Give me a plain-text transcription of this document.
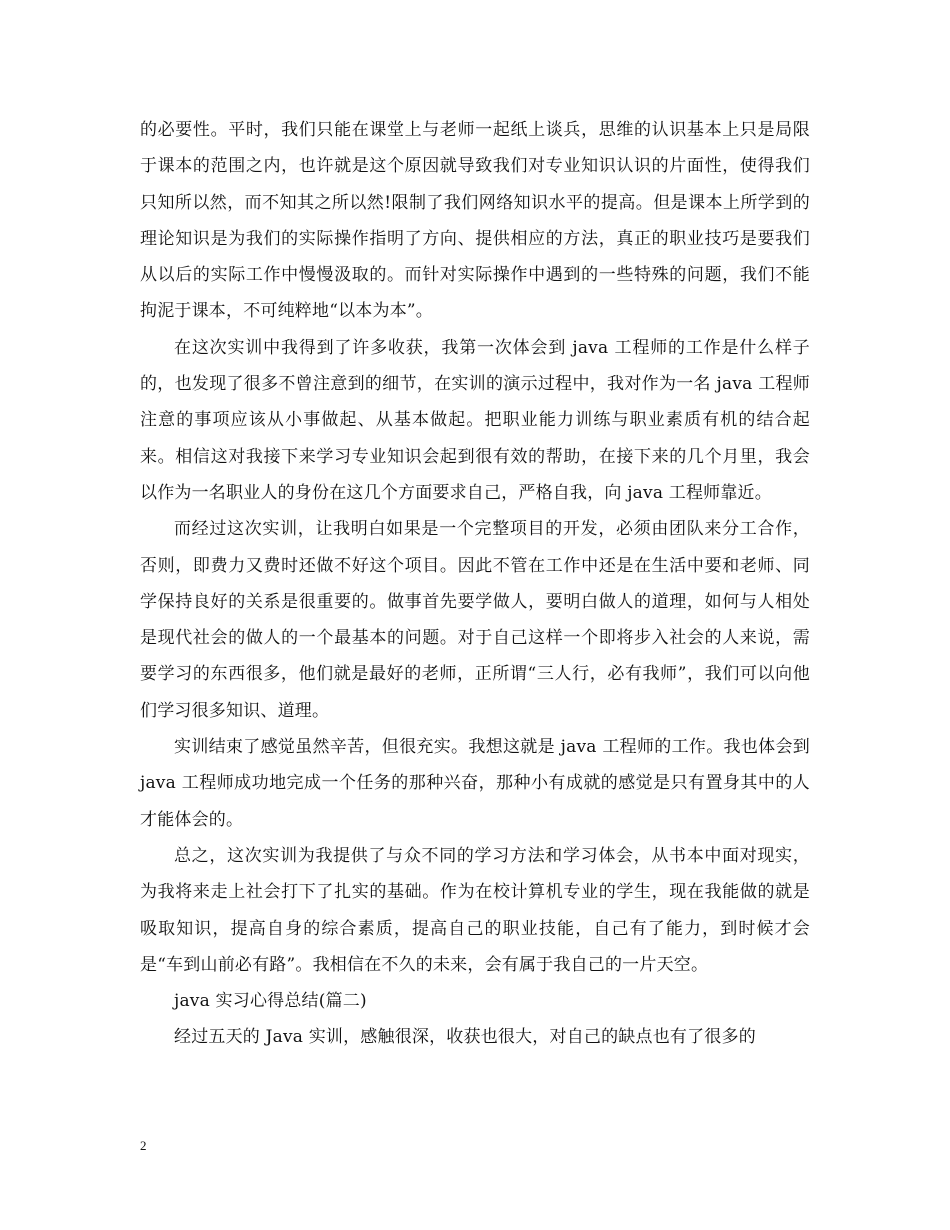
的必要性。平时，我们只能在课堂上与老师一起纸上谈兵，思维的认识基本上只是局限于课本的范围之内，也许就是这个原因就导致我们对专业知识认识的片面性，使得我们只知所以然，而不知其之所以然!限制了我们网络知识水平的提高。但是课本上所学到的理论知识是为我们的实际操作指明了方向、提供相应的方法，真正的职业技巧是要我们从以后的实际工作中慢慢汲取的。而针对实际操作中遇到的一些特殊的问题，我们不能拘泥于课本，不可纯粹地“以本为本”。

在这次实训中我得到了许多收获，我第一次体会到 java 工程师的工作是什么样子的，也发现了很多不曾注意到的细节，在实训的演示过程中，我对作为一名 java 工程师注意的事项应该从小事做起、从基本做起。把职业能力训练与职业素质有机的结合起来。相信这对我接下来学习专业知识会起到很有效的帮助，在接下来的几个月里，我会以作为一名职业人的身份在这几个方面要求自己，严格自我，向 java 工程师靠近。

而经过这次实训，让我明白如果是一个完整项目的开发，必须由团队来分工合作，否则，即费力又费时还做不好这个项目。因此不管在工作中还是在生活中要和老师、同学保持良好的关系是很重要的。做事首先要学做人，要明白做人的道理，如何与人相处是现代社会的做人的一个最基本的问题。对于自己这样一个即将步入社会的人来说，需要学习的东西很多，他们就是最好的老师，正所谓“三人行，必有我师”，我们可以向他们学习很多知识、道理。

实训结束了感觉虽然辛苦，但很充实。我想这就是 java 工程师的工作。我也体会到 java 工程师成功地完成一个任务的那种兴奋，那种小有成就的感觉是只有置身其中的人才能体会的。

总之，这次实训为我提供了与众不同的学习方法和学习体会，从书本中面对现实，为我将来走上社会打下了扎实的基础。作为在校计算机专业的学生，现在我能做的就是吸取知识，提高自身的综合素质，提高自己的职业技能，自己有了能力，到时候才会是“车到山前必有路”。我相信在不久的未来，会有属于我自己的一片天空。

java 实习心得总结(篇二)

经过五天的 Java 实训，感触很深，收获也很大，对自己的缺点也有了很多的

2
